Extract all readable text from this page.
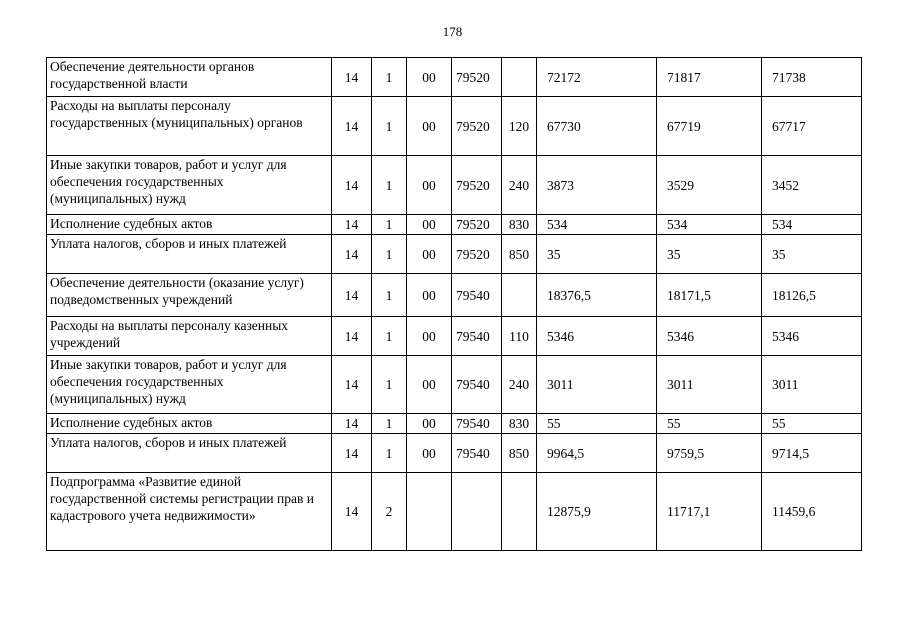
178
Обеспечение деятельности органов государственной власти	14	1	00	79520		72172	71817	71738
Расходы на выплаты персоналу государственных (муниципальных) органов	14	1	00	79520	120	67730	67719	67717
Иные закупки товаров, работ и услуг для обеспечения государственных (муниципальных) нужд	14	1	00	79520	240	3873	3529	3452
Исполнение судебных актов	14	1	00	79520	830	534	534	534
Уплата налогов, сборов и иных платежей	14	1	00	79520	850	35	35	35
Обеспечение деятельности (оказание услуг) подведомственных учреждений	14	1	00	79540		18376,5	18171,5	18126,5
Расходы на выплаты персоналу казенных учреждений	14	1	00	79540	110	5346	5346	5346
Иные закупки товаров, работ и услуг для обеспечения государственных (муниципальных) нужд	14	1	00	79540	240	3011	3011	3011
Исполнение судебных актов	14	1	00	79540	830	55	55	55
Уплата налогов, сборов и иных платежей	14	1	00	79540	850	9964,5	9759,5	9714,5
Подпрограмма «Развитие единой государственной системы регистрации прав и кадастрового учета недвижимости»	14	2				12875,9	11717,1	11459,6
